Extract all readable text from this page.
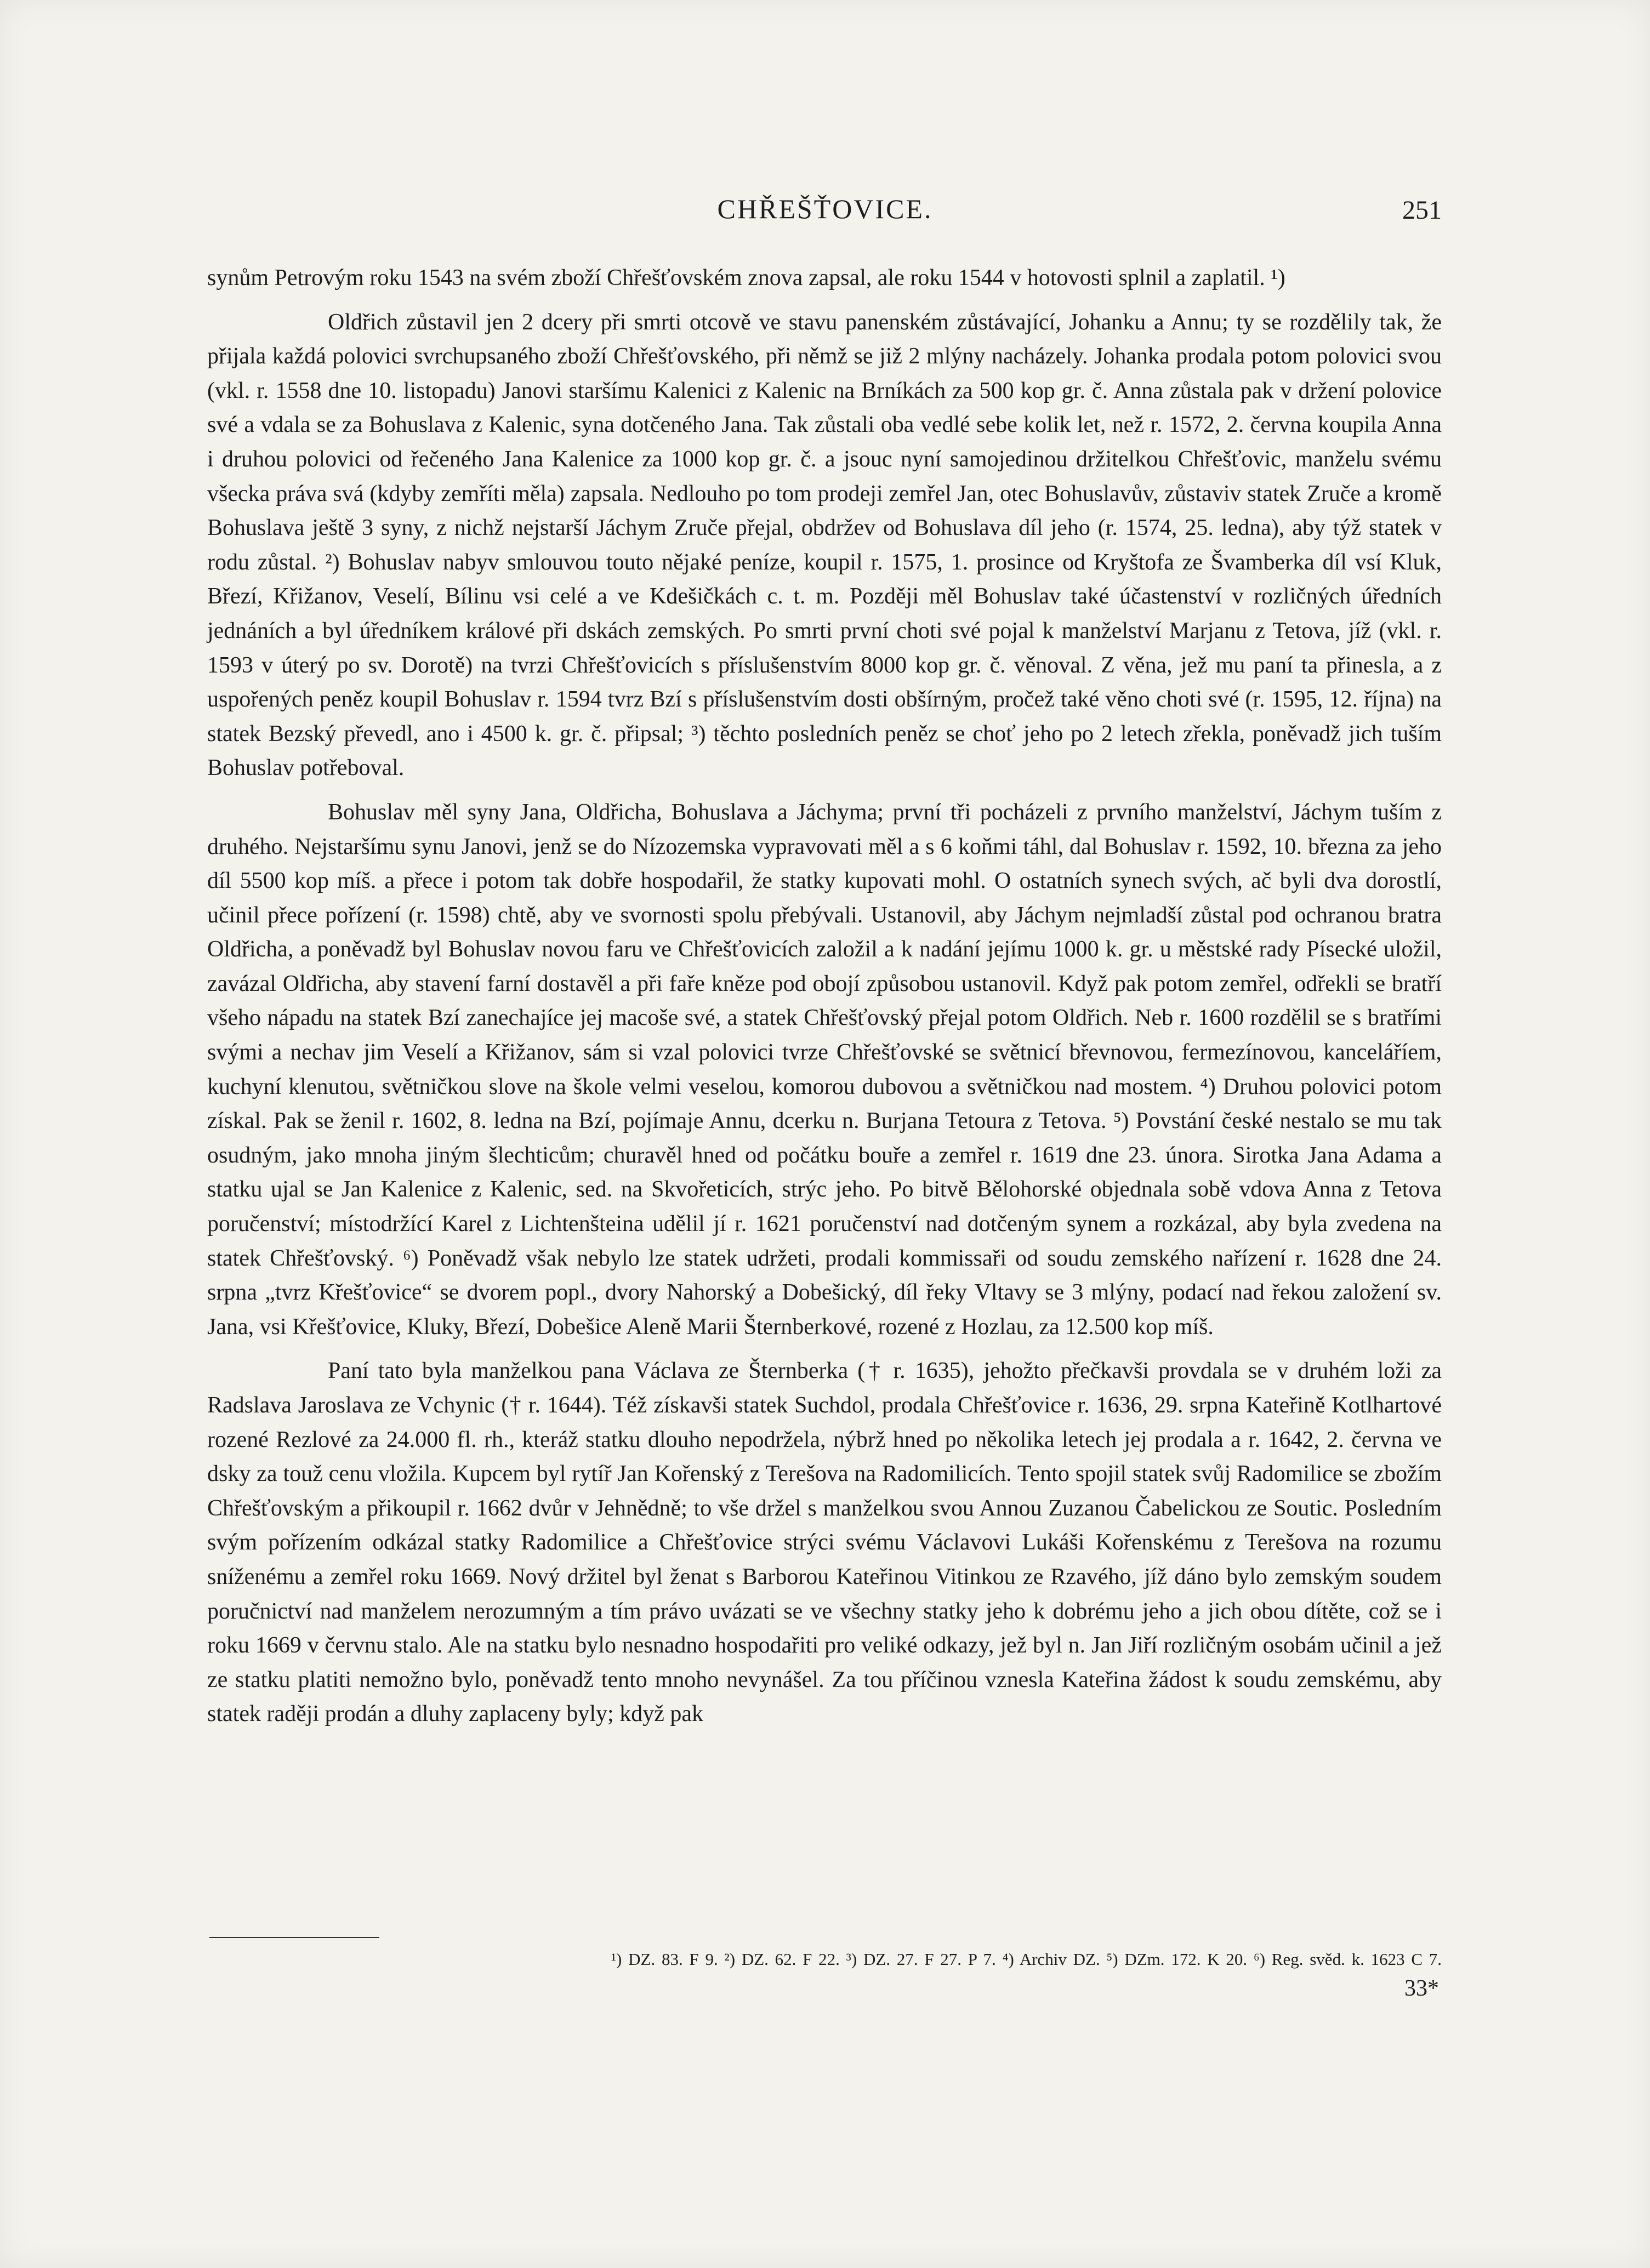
CHŘEŠŤOVICE.	251

synům Petrovým roku 1543 na svém zboží Chřešťovském znova zapsal, ale roku 1544 v hotovosti splnil a zaplatil. ¹)

Oldřich zůstavil jen 2 dcery při smrti otcově ve stavu panenském zůstávající, Johanku a Annu; ty se rozdělily tak, že přijala každá polovici svrchupsaného zboží Chřešťovského, při němž se již 2 mlýny nacházely. Johanka prodala potom polovici svou (vkl. r. 1558 dne 10. listopadu) Janovi staršímu Kalenici z Kalenic na Brníkách za 500 kop gr. č. Anna zůstala pak v držení polovice své a vdala se za Bohuslava z Kalenic, syna dotčeného Jana. Tak zůstali oba vedlé sebe kolik let, než r. 1572, 2. června koupila Anna i druhou polovici od řečeného Jana Kalenice za 1000 kop gr. č. a jsouc nyní samojedinou držitelkou Chřešťovic, manželu svému všecka práva svá (kdyby zemříti měla) zapsala. Nedlouho po tom prodeji zemřel Jan, otec Bohuslavův, zůstaviv statek Zruče a kromě Bohuslava ještě 3 syny, z nichž nejstarší Jáchym Zruče přejal, obdržev od Bohuslava díl jeho (r. 1574, 25. ledna), aby týž statek v rodu zůstal. ²) Bohuslav nabyv smlouvou touto nějaké peníze, koupil r. 1575, 1. prosince od Kryštofa ze Švamberka díl vsí Kluk, Březí, Křižanov, Veselí, Bílinu vsi celé a ve Kdešičkách c. t. m. Později měl Bohuslav také účastenství v rozličných úředních jednáních a byl úředníkem králové při dskách zemských. Po smrti první choti své pojal k manželství Marjanu z Tetova, jíž (vkl. r. 1593 v úterý po sv. Dorotě) na tvrzi Chřešťovicích s příslušenstvím 8000 kop gr. č. věnoval. Z věna, jež mu paní ta přinesla, a z uspořených peněz koupil Bohuslav r. 1594 tvrz Bzí s příslušenstvím dosti obšírným, pročež také věno choti své (r. 1595, 12. října) na statek Bezský převedl, ano i 4500 k. gr. č. připsal; ³) těchto posledních peněz se choť jeho po 2 letech zřekla, poněvadž jich tuším Bohuslav potřeboval.

Bohuslav měl syny Jana, Oldřicha, Bohuslava a Jáchyma; první tři pocházeli z prvního manželství, Jáchym tuším z druhého. Nejstaršímu synu Janovi, jenž se do Nízozemska vypravovati měl a s 6 koňmi táhl, dal Bohuslav r. 1592, 10. března za jeho díl 5500 kop míš. a přece i potom tak dobře hospodařil, že statky kupovati mohl. O ostatních synech svých, ač byli dva dorostlí, učinil přece pořízení (r. 1598) chtě, aby ve svornosti spolu přebývali. Ustanovil, aby Jáchym nejmladší zůstal pod ochranou bratra Oldřicha, a poněvadž byl Bohuslav novou faru ve Chřešťovicích založil a k nadání jejímu 1000 k. gr. u městské rady Písecké uložil, zavázal Oldřicha, aby stavení farní dostavěl a při faře kněze pod obojí způsobou ustanovil. Když pak potom zemřel, odřekli se bratří všeho nápadu na statek Bzí zanechajíce jej macoše své, a statek Chřešťovský přejal potom Oldřich. Neb r. 1600 rozdělil se s bratřími svými a nechav jim Veselí a Křižanov, sám si vzal polovici tvrze Chřešťovské se světnicí břevnovou, fermezínovou, kanceláříem, kuchyní klenutou, světničkou slove na škole velmi veselou, komorou dubovou a světničkou nad mostem. ⁴) Druhou polovici potom získal. Pak se ženil r. 1602, 8. ledna na Bzí, pojímaje Annu, dcerku n. Burjana Tetoura z Tetova. ⁵) Povstání české nestalo se mu tak osudným, jako mnoha jiným šlechticům; churavěl hned od počátku bouře a zemřel r. 1619 dne 23. února. Sirotka Jana Adama a statku ujal se Jan Kalenice z Kalenic, sed. na Skvořeticích, strýc jeho. Po bitvě Bělohorské objednala sobě vdova Anna z Tetova poručenství; místodržící Karel z Lichtenšteina udělil jí r. 1621 poručenství nad dotčeným synem a rozkázal, aby byla zvedena na statek Chřešťovský. ⁶) Poněvadž však nebylo lze statek udržeti, prodali kommissaři od soudu zemského nařízení r. 1628 dne 24. srpna „tvrz Křešťovice“ se dvorem popl., dvory Nahorský a Dobešický, díl řeky Vltavy se 3 mlýny, podací nad řekou založení sv. Jana, vsi Křešťovice, Kluky, Březí, Dobešice Aleně Marii Šternberkové, rozené z Hozlau, za 12.500 kop míš.

Paní tato byla manželkou pana Václava ze Šternberka († r. 1635), jehožto přečkavši provdala se v druhém loži za Radslava Jaroslava ze Vchynic († r. 1644). Též získavši statek Suchdol, prodala Chřešťovice r. 1636, 29. srpna Kateřině Kotlhartové rozené Rezlové za 24.000 fl. rh., kteráž statku dlouho nepodržela, nýbrž hned po několika letech jej prodala a r. 1642, 2. června ve dsky za touž cenu vložila. Kupcem byl rytíř Jan Kořenský z Terešova na Radomilicích. Tento spojil statek svůj Radomilice se zbožím Chřešťovským a přikoupil r. 1662 dvůr v Jehnědně; to vše držel s manželkou svou Annou Zuzanou Čabelickou ze Soutic. Posledním svým pořízením odkázal statky Radomilice a Chřešťovice strýci svému Václavovi Lukáši Kořenskému z Terešova na rozumu sníženému a zemřel roku 1669. Nový držitel byl ženat s Barborou Kateřinou Vitinkou ze Rzavého, jíž dáno bylo zemským soudem poručnictví nad manželem nerozumným a tím právo uvázati se ve všechny statky jeho k dobrému jeho a jich obou dítěte, což se i roku 1669 v červnu stalo. Ale na statku bylo nesnadno hospodařiti pro veliké odkazy, jež byl n. Jan Jiří rozličným osobám učinil a jež ze statku platiti nemožno bylo, poněvadž tento mnoho nevynášel. Za tou příčinou vznesla Kateřina žádost k soudu zemskému, aby statek raději prodán a dluhy zaplaceny byly; když pak

¹) DZ. 83. F 9. ²) DZ. 62. F 22. ³) DZ. 27. F 27. P 7. ⁴) Archiv DZ. ⁵) DZm. 172. K 20. ⁶) Reg. svěd. k. 1623 C 7.
33*
